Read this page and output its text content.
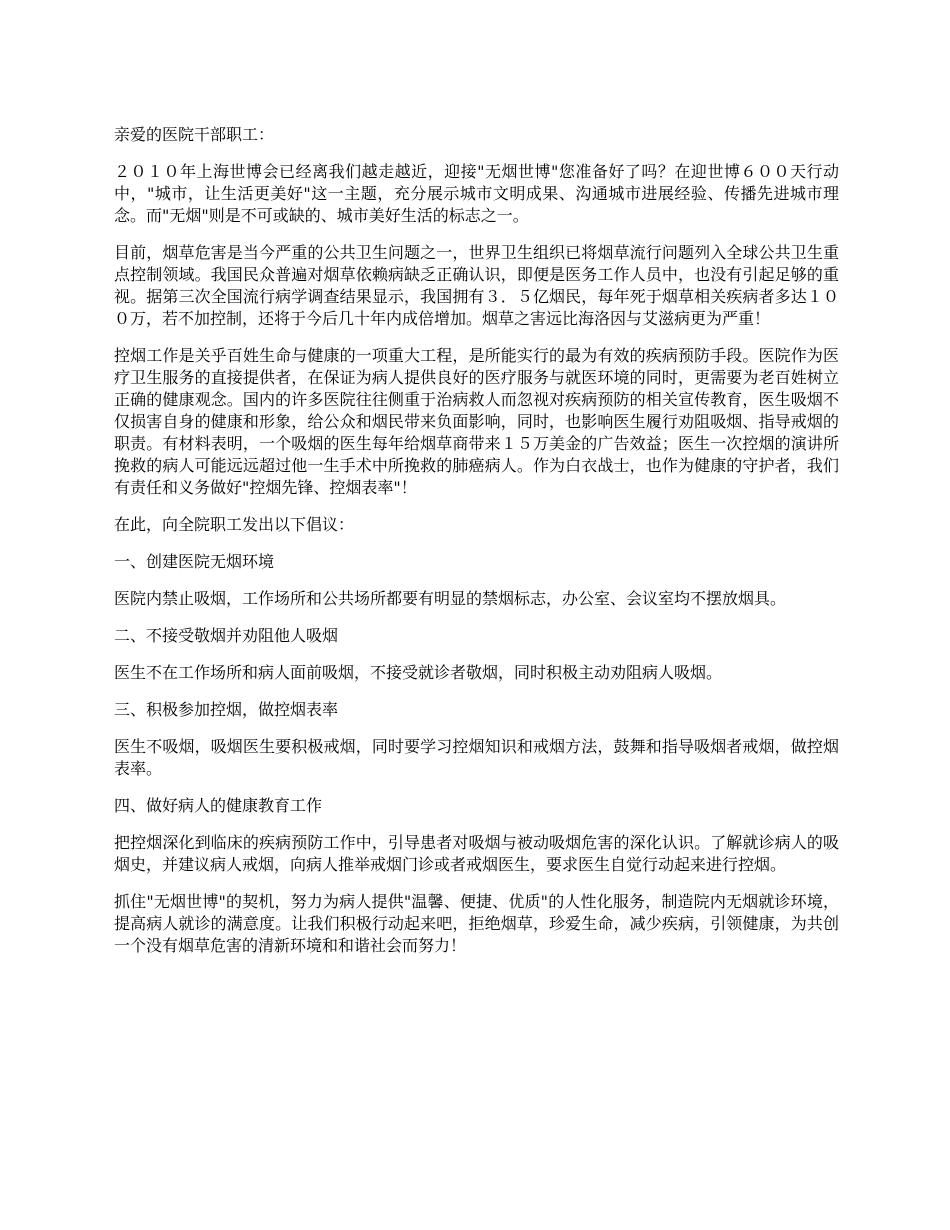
亲爱的医院干部职工：

２０１０年上海世博会已经离我们越走越近，迎接"无烟世博"您准备好了吗？在迎世博６００天行动中，"城市，让生活更美好"这一主题，充分展示城市文明成果、沟通城市进展经验、传播先进城市理念。而"无烟"则是不可或缺的、城市美好生活的标志之一。

目前，烟草危害是当今严重的公共卫生问题之一，世界卫生组织已将烟草流行问题列入全球公共卫生重点控制领域。我国民众普遍对烟草依赖病缺乏正确认识，即便是医务工作人员中，也没有引起足够的重视。据第三次全国流行病学调查结果显示，我国拥有３．５亿烟民，每年死于烟草相关疾病者多达１００万，若不加控制，还将于今后几十年内成倍增加。烟草之害远比海洛因与艾滋病更为严重！

控烟工作是关乎百姓生命与健康的一项重大工程，是所能实行的最为有效的疾病预防手段。医院作为医疗卫生服务的直接提供者，在保证为病人提供良好的医疗服务与就医环境的同时，更需要为老百姓树立正确的健康观念。国内的许多医院往往侧重于治病救人而忽视对疾病预防的相关宣传教育，医生吸烟不仅损害自身的健康和形象，给公众和烟民带来负面影响，同时，也影响医生履行劝阻吸烟、指导戒烟的职责。有材料表明，一个吸烟的医生每年给烟草商带来１５万美金的广告效益；医生一次控烟的演讲所挽救的病人可能远远超过他一生手术中所挽救的肺癌病人。作为白衣战士，也作为健康的守护者，我们有责任和义务做好"控烟先锋、控烟表率"！

在此，向全院职工发出以下倡议：

一、创建医院无烟环境

医院内禁止吸烟，工作场所和公共场所都要有明显的禁烟标志，办公室、会议室均不摆放烟具。

二、不接受敬烟并劝阻他人吸烟

医生不在工作场所和病人面前吸烟，不接受就诊者敬烟，同时积极主动劝阻病人吸烟。

三、积极参加控烟，做控烟表率

医生不吸烟，吸烟医生要积极戒烟，同时要学习控烟知识和戒烟方法，鼓舞和指导吸烟者戒烟，做控烟表率。

四、做好病人的健康教育工作

把控烟深化到临床的疾病预防工作中，引导患者对吸烟与被动吸烟危害的深化认识。了解就诊病人的吸烟史，并建议病人戒烟，向病人推举戒烟门诊或者戒烟医生，要求医生自觉行动起来进行控烟。

抓住"无烟世博"的契机，努力为病人提供"温馨、便捷、优质"的人性化服务，制造院内无烟就诊环境，提高病人就诊的满意度。让我们积极行动起来吧，拒绝烟草，珍爱生命，减少疾病，引领健康，为共创一个没有烟草危害的清新环境和和谐社会而努力！
